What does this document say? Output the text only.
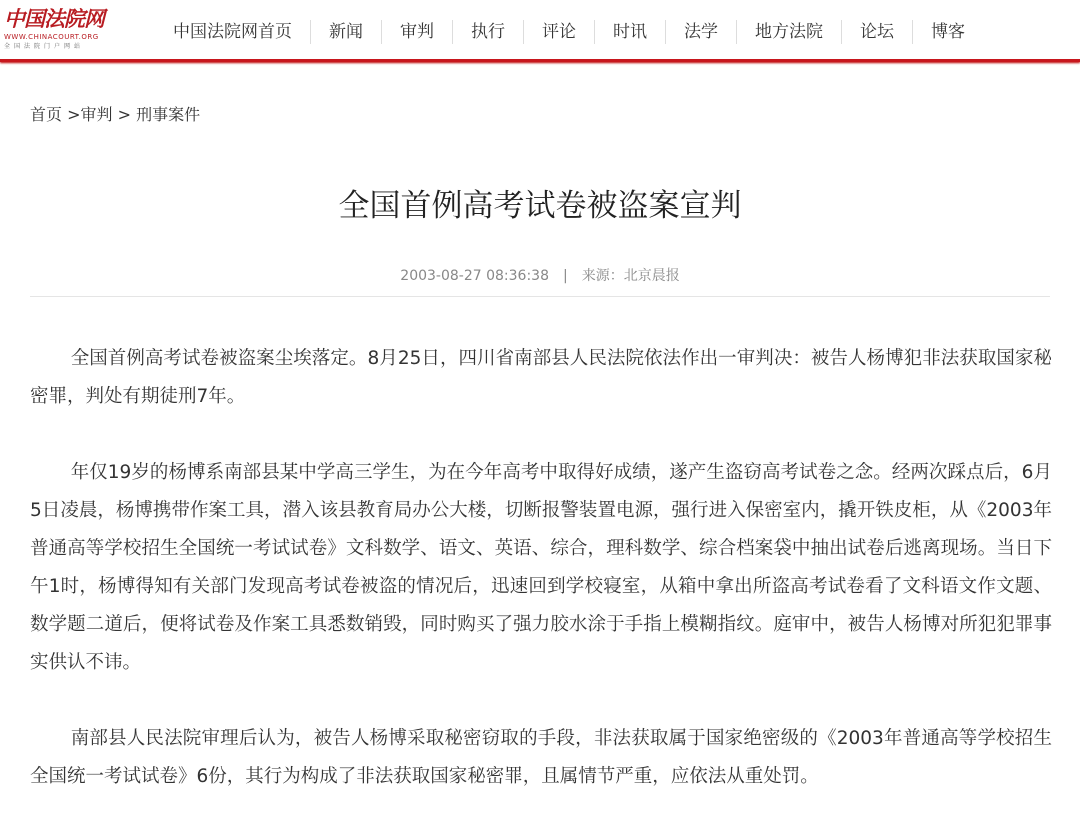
中国法院网
WWW.CHINACOURT.ORG
全国法院门户网站
中国法院网首页	新闻	审判	执行	评论	时讯	法学	地方法院	论坛	博客
首页 >审判 > 刑事案件
全国首例高考试卷被盗案宣判
2003-08-27 08:36:38 | 来源：北京晨报

全国首例高考试卷被盗案尘埃落定。8月25日，四川省南部县人民法院依法作出一审判决：被告人杨博犯非法获取国家秘密罪，判处有期徒刑7年。

年仅19岁的杨博系南部县某中学高三学生，为在今年高考中取得好成绩，遂产生盗窃高考试卷之念。经两次踩点后，6月5日凌晨，杨博携带作案工具，潜入该县教育局办公大楼，切断报警装置电源，强行进入保密室内，撬开铁皮柜，从《2003年普通高等学校招生全国统一考试试卷》文科数学、语文、英语、综合，理科数学、综合档案袋中抽出试卷后逃离现场。当日下午1时，杨博得知有关部门发现高考试卷被盗的情况后，迅速回到学校寝室，从箱中拿出所盗高考试卷看了文科语文作文题、数学题二道后，便将试卷及作案工具悉数销毁，同时购买了强力胶水涂于手指上模糊指纹。庭审中，被告人杨博对所犯犯罪事实供认不讳。

南部县人民法院审理后认为，被告人杨博采取秘密窃取的手段，非法获取属于国家绝密级的《2003年普通高等学校招生全国统一考试试卷》6份，其行为构成了非法获取国家秘密罪，且属情节严重，应依法从重处罚。
